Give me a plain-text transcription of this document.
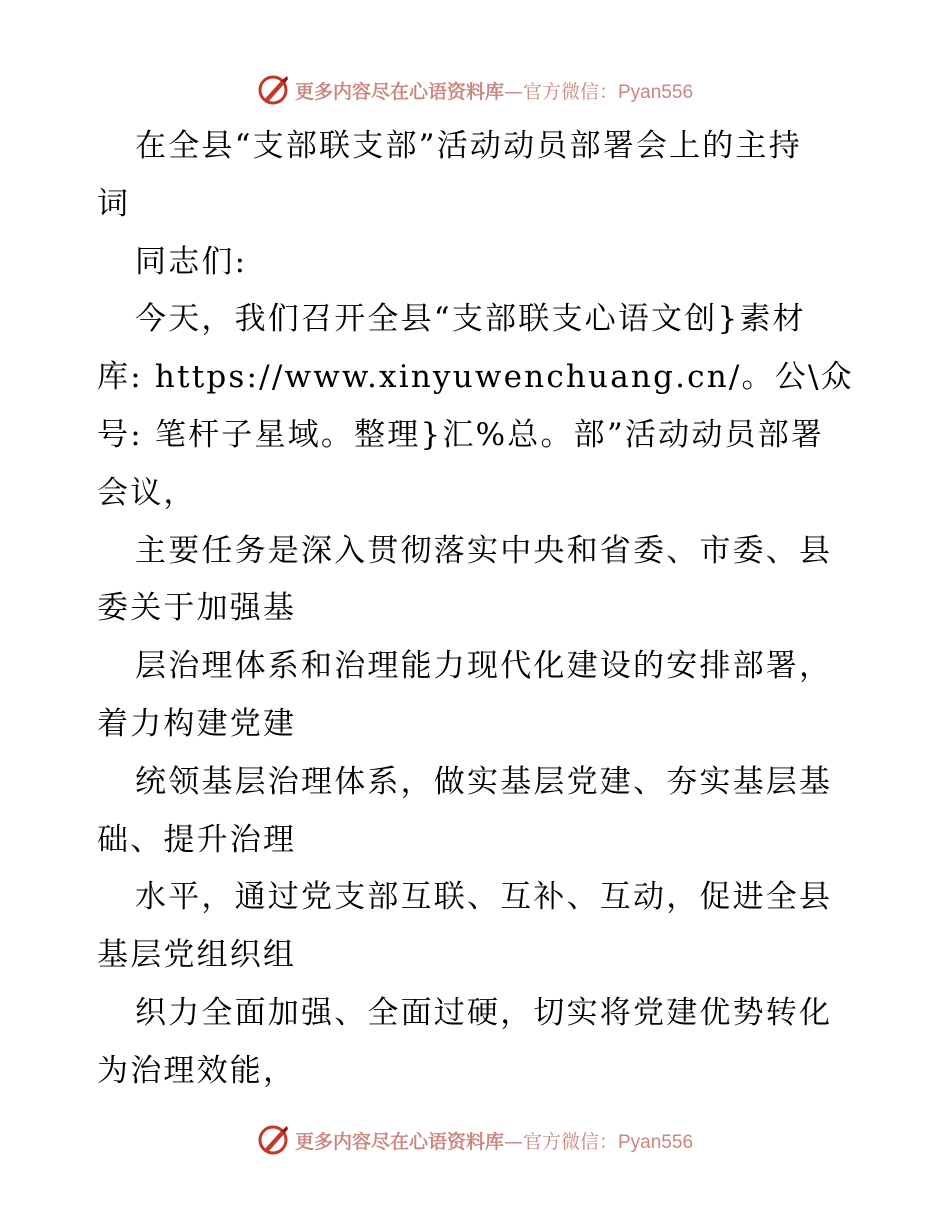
更多内容尽在心语资料库—官方微信：Pyan556
在全县“支部联支部”活动动员部署会上的主持
词
同志们:
今天，我们召开全县“支部联支心语文创}素材
库: https://www.xinyuwenchuang.cn/。公\众
号: 笔杆子星域。整理}汇%总。部”活动动员部署
会议，
主要任务是深入贯彻落实中央和省委、市委、县
委关于加强基
层治理体系和治理能力现代化建设的安排部署，
着力构建党建
统领基层治理体系，做实基层党建、夯实基层基
础、提升治理
水平，通过党支部互联、互补、互动，促进全县
基层党组织组
织力全面加强、全面过硬，切实将党建优势转化
为治理效能，
更多内容尽在心语资料库—官方微信：Pyan556
